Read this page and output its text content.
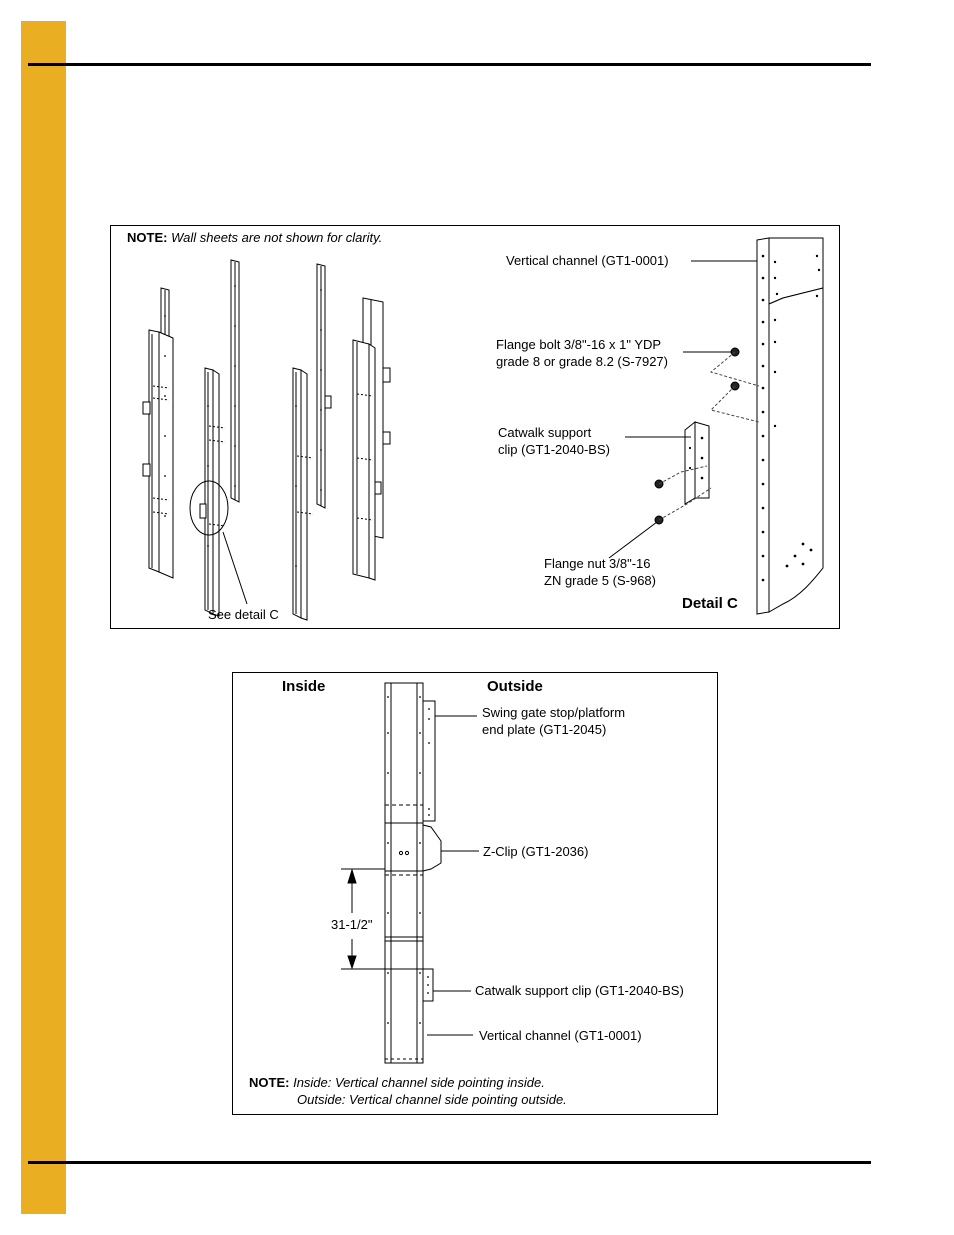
NOTE: Wall sheets are not shown for clarity.
See detail C
Detail C
Vertical channel (GT1-0001)
Flange bolt 3/8"-16 x 1" YDP
grade 8 or grade 8.2 (S-7927)
Catwalk support
clip (GT1-2040-BS)
Flange nut 3/8"-16
ZN grade 5 (S-968)
Inside	Outside
Swing gate stop/platform
end plate (GT1-2045)
Z-Clip (GT1-2036)
Catwalk support clip (GT1-2040-BS)
Vertical channel (GT1-0001)
31-1/2"
NOTE: Inside: Vertical channel side pointing inside.
Outside: Vertical channel side pointing outside.
